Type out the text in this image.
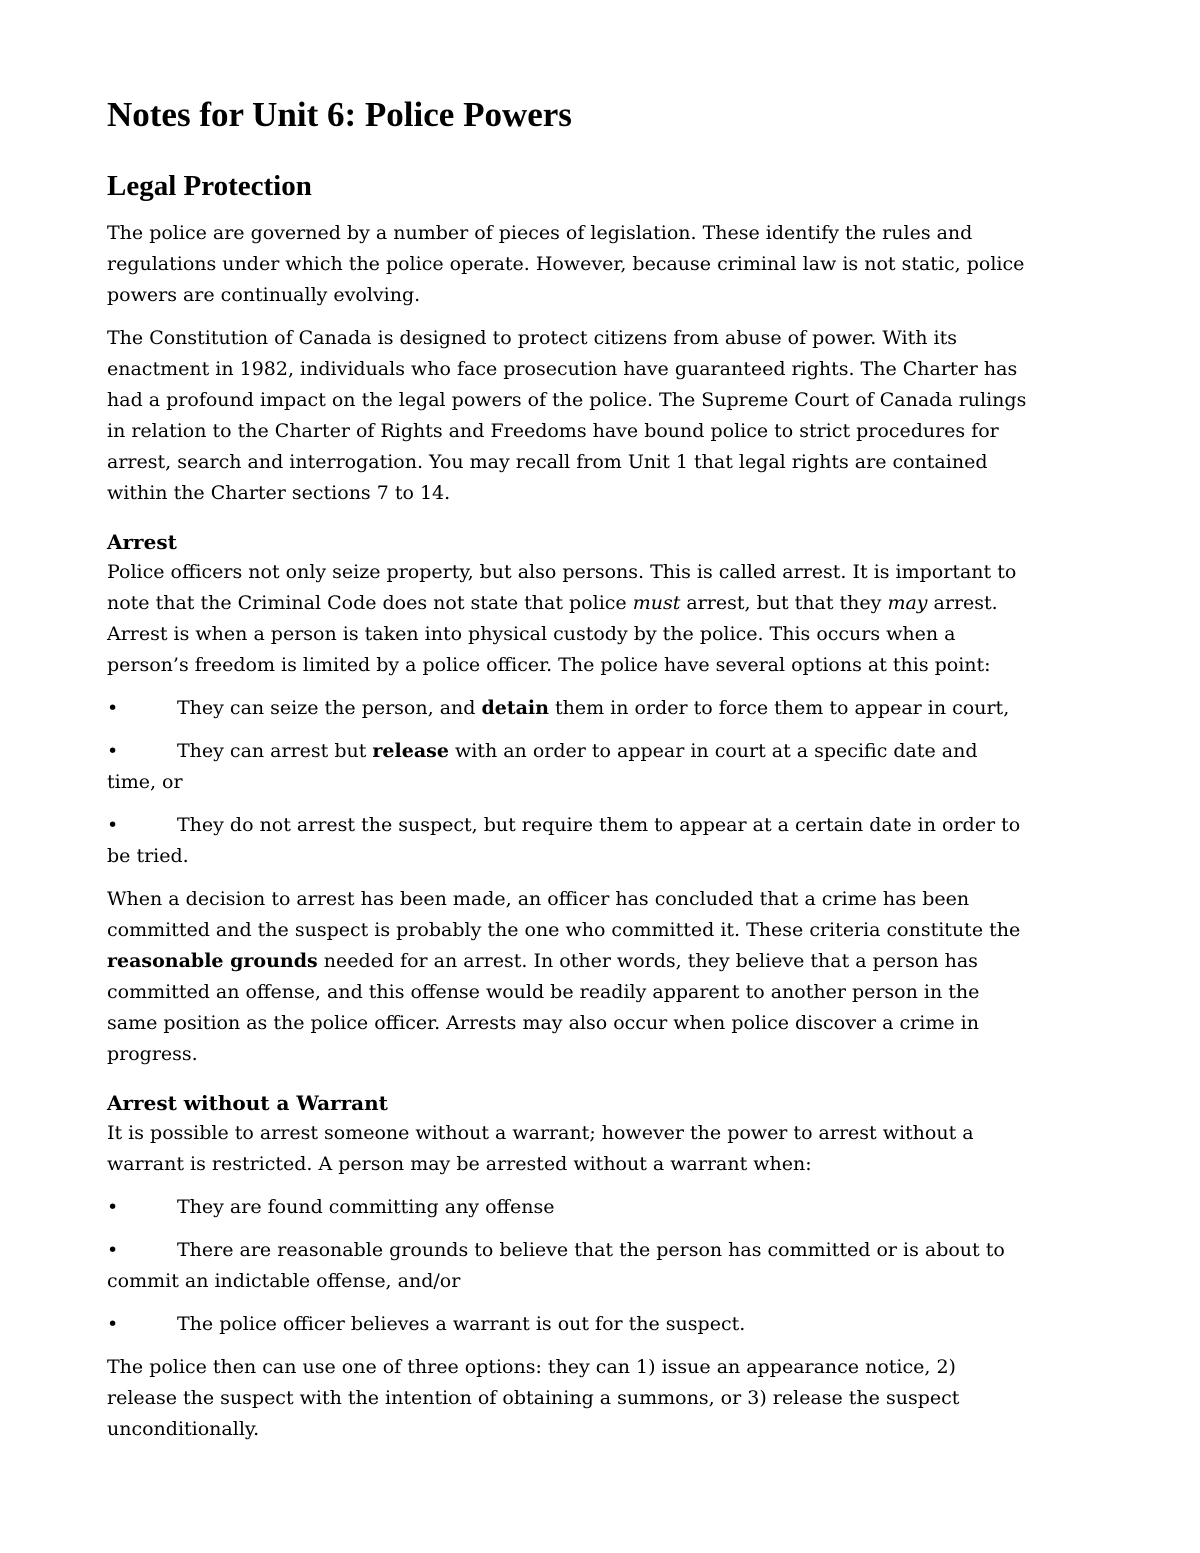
Notes for Unit 6: Police Powers
Legal Protection

The police are governed by a number of pieces of legislation. These identify the rules and regulations under which the police operate. However, because criminal law is not static, police powers are continually evolving.

The Constitution of Canada is designed to protect citizens from abuse of power. With its enactment in 1982, individuals who face prosecution have guaranteed rights. The Charter has had a profound impact on the legal powers of the police. The Supreme Court of Canada rulings in relation to the Charter of Rights and Freedoms have bound police to strict procedures for arrest, search and interrogation. You may recall from Unit 1 that legal rights are contained within the Charter sections 7 to 14.

Arrest

Police officers not only seize property, but also persons. This is called arrest. It is important to note that the Criminal Code does not state that police must arrest, but that they may arrest. Arrest is when a person is taken into physical custody by the police. This occurs when a person’s freedom is limited by a police officer. The police have several options at this point:

•	They can seize the person, and detain them in order to force them to appear in court,
•	They can arrest but release with an order to appear in court at a specific date and time, or
•	They do not arrest the suspect, but require them to appear at a certain date in order to be tried.

When a decision to arrest has been made, an officer has concluded that a crime has been committed and the suspect is probably the one who committed it. These criteria constitute the reasonable grounds needed for an arrest. In other words, they believe that a person has committed an offense, and this offense would be readily apparent to another person in the same position as the police officer. Arrests may also occur when police discover a crime in progress.

Arrest without a Warrant

It is possible to arrest someone without a warrant; however the power to arrest without a warrant is restricted. A person may be arrested without a warrant when:

•	They are found committing any offense
•	There are reasonable grounds to believe that the person has committed or is about to commit an indictable offense, and/or
•	The police officer believes a warrant is out for the suspect.

The police then can use one of three options: they can 1) issue an appearance notice, 2) release the suspect with the intention of obtaining a summons, or 3) release the suspect unconditionally.
